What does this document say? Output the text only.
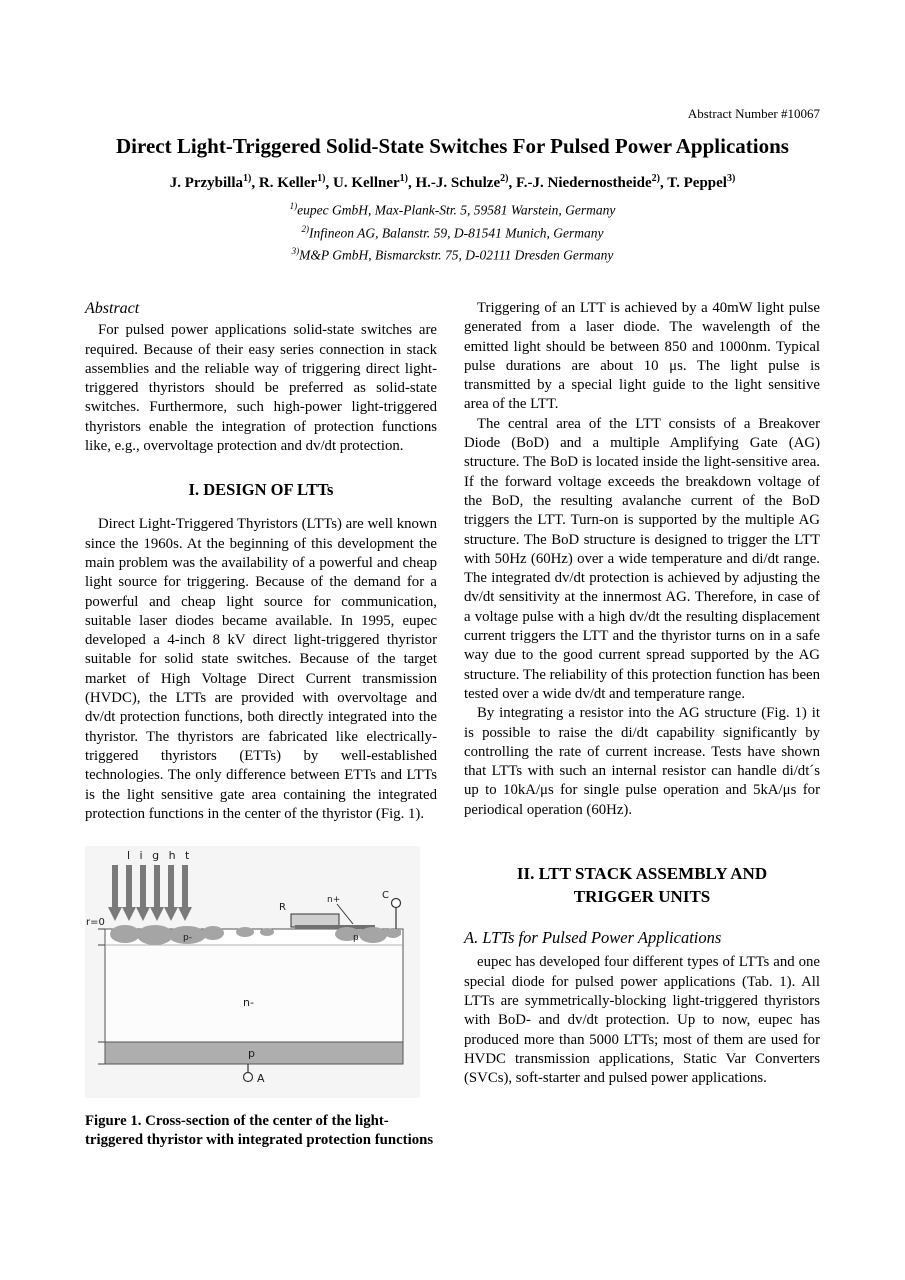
Abstract Number #10067
Direct Light-Triggered Solid-State Switches For Pulsed Power Applications
J. Przybilla$^{1)}$, R. Keller$^{1)}$, U. Kellner$^{1)}$, H.-J. Schulze$^{2)}$, F.-J. Niedernostheide$^{2)}$, T. Peppel$^{3)}$
$^{1)}$eupec GmbH, Max-Plank-Str. 5, 59581 Warstein, Germany
$^{2)}$Infineon AG, Balanstr. 59, D-81541 Munich, Germany
$^{3)}$M&P GmbH, Bismarckstr. 75, D-02111 Dresden Germany
Abstract

For pulsed power applications solid-state switches are required. Because of their easy series connection in stack assemblies and the reliable way of triggering direct light-triggered thyristors should be preferred as solid-state switches. Furthermore, such high-power light-triggered thyristors enable the integration of protection functions like, e.g., overvoltage protection and dv/dt protection.

I. DESIGN OF LTTs

Direct Light-Triggered Thyristors (LTTs) are well known since the 1960s. At the beginning of this development the main problem was the availability of a powerful and cheap light source for triggering. Because of the demand for a powerful and cheap light source for communication, suitable laser diodes became available. In 1995, eupec developed a 4-inch 8 kV direct light-triggered thyristor suitable for solid state switches. Because of the target market of High Voltage Direct Current transmission (HVDC), the LTTs are provided with overvoltage and dv/dt protection functions, both directly integrated into the thyristor. The thyristors are fabricated like electrically-triggered thyristors (ETTs) by well-established technologies. The only difference between ETTs and LTTs is the light sensitive gate area containing the integrated protection functions in the center of the thyristor (Fig. 1).

l i g h t
r=0
p-
R
n+
p
C
n-
p
A
Figure 1. Cross-section of the center of the light-triggered thyristor with integrated protection functions

Triggering of an LTT is achieved by a 40mW light pulse generated from a laser diode. The wavelength of the emitted light should be between 850 and 1000nm. Typical pulse durations are about 10 μs. The light pulse is transmitted by a special light guide to the light sensitive area of the LTT.

The central area of the LTT consists of a Breakover Diode (BoD) and a multiple Amplifying Gate (AG) structure. The BoD is located inside the light-sensitive area. If the forward voltage exceeds the breakdown voltage of the BoD, the resulting avalanche current of the BoD triggers the LTT. Turn-on is supported by the multiple AG structure. The BoD structure is designed to trigger the LTT with 50Hz (60Hz) over a wide temperature and di/dt range. The integrated dv/dt protection is achieved by adjusting the dv/dt sensitivity at the innermost AG. Therefore, in case of a voltage pulse with a high dv/dt the resulting displacement current triggers the LTT and the thyristor turns on in a safe way due to the good current spread supported by the AG structure. The reliability of this protection function has been tested over a wide dv/dt and temperature range.

By integrating a resistor into the AG structure (Fig. 1) it is possible to raise the di/dt capability significantly by controlling the rate of current increase. Tests have shown that LTTs with such an internal resistor can handle di/dt´s up to 10kA/μs for single pulse operation and 5kA/μs for periodical operation (60Hz).

II. LTT STACK ASSEMBLY AND TRIGGER UNITS
A. LTTs for Pulsed Power Applications

eupec has developed four different types of LTTs and one special diode for pulsed power applications (Tab. 1). All LTTs are symmetrically-blocking light-triggered thyristors with BoD- and dv/dt protection. Up to now, eupec has produced more than 5000 LTTs; most of them are used for HVDC transmission applications, Static Var Converters (SVCs), soft-starter and pulsed power applications.
